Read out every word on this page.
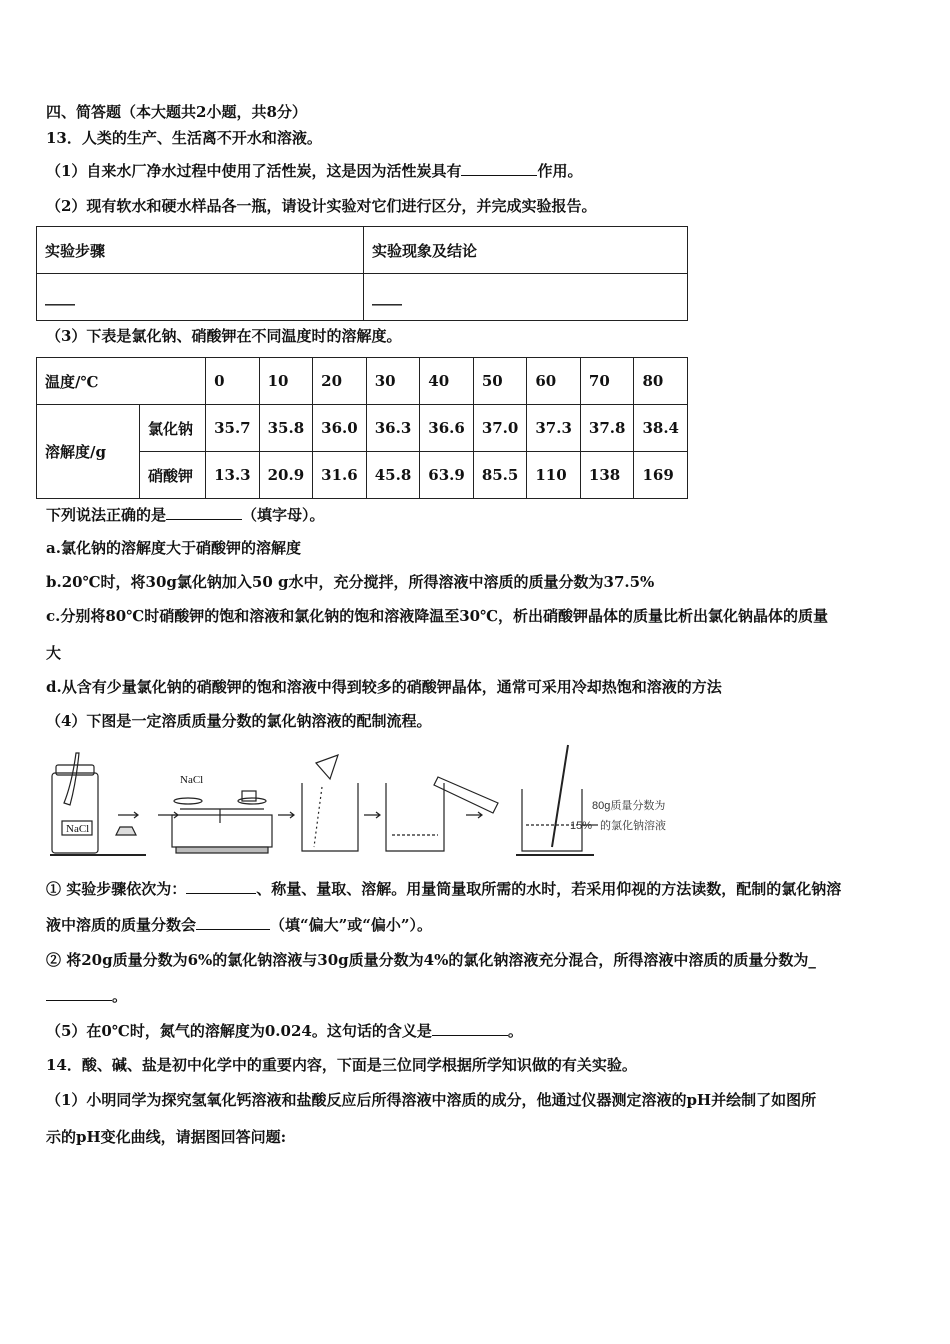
四、简答题（本大题共2小题，共8分）
13．人类的生产、生活离不开水和溶液。
（1）自来水厂净水过程中使用了活性炭，这是因为活性炭具有	作用。
（2）现有软水和硬水样品各一瓶，请设计实验对它们进行区分，并完成实验报告。
实验步骤	实验现象及结论
____	____
（3）下表是氯化钠、硝酸钾在不同温度时的溶解度。
温度/℃		0	10	20	30	40	50	60	70	80
溶解度/g	氯化钠	35.7	35.8	36.0	36.3	36.6	37.0	37.3	37.8	38.4
	硝酸钾	13.3	20.9	31.6	45.8	63.9	85.5	110	138	169
下列说法正确的是	（填字母）。
a.氯化钠的溶解度大于硝酸钾的溶解度
b.20℃时，将30g氯化钠加入50 g水中，充分搅拌，所得溶液中溶质的质量分数为37.5%
c.分别将80℃时硝酸钾的饱和溶液和氯化钠的饱和溶液降温至30℃，析出硝酸钾晶体的质量比析出氯化钠晶体的质量
大
d.从含有少量氯化钠的硝酸钾的饱和溶液中得到较多的硝酸钾晶体，通常可采用冷却热饱和溶液的方法
（4）下图是一定溶质质量分数的氯化钠溶液的配制流程。
NaCl
NaCl
80g质量分数为
15% 的氯化钠溶液
① 实验步骤依次为：	、称量、量取、溶解。用量筒量取所需的水时，若采用仰视的方法读数，配制的氯化钠溶
液中溶质的质量分数会	（填“偏大”或“偏小”）。
② 将20g质量分数为6%的氯化钠溶液与30g质量分数为4%的氯化钠溶液充分混合，所得溶液中溶质的质量分数为_
。
（5）在0℃时，氮气的溶解度为0.024。这句话的含义是	。
14．酸、碱、盐是初中化学中的重要内容，下面是三位同学根据所学知识做的有关实验。
（1）小明同学为探究氢氧化钙溶液和盐酸反应后所得溶液中溶质的成分，他通过仪器测定溶液的pH并绘制了如图所
示的pH变化曲线，请据图回答问题:
